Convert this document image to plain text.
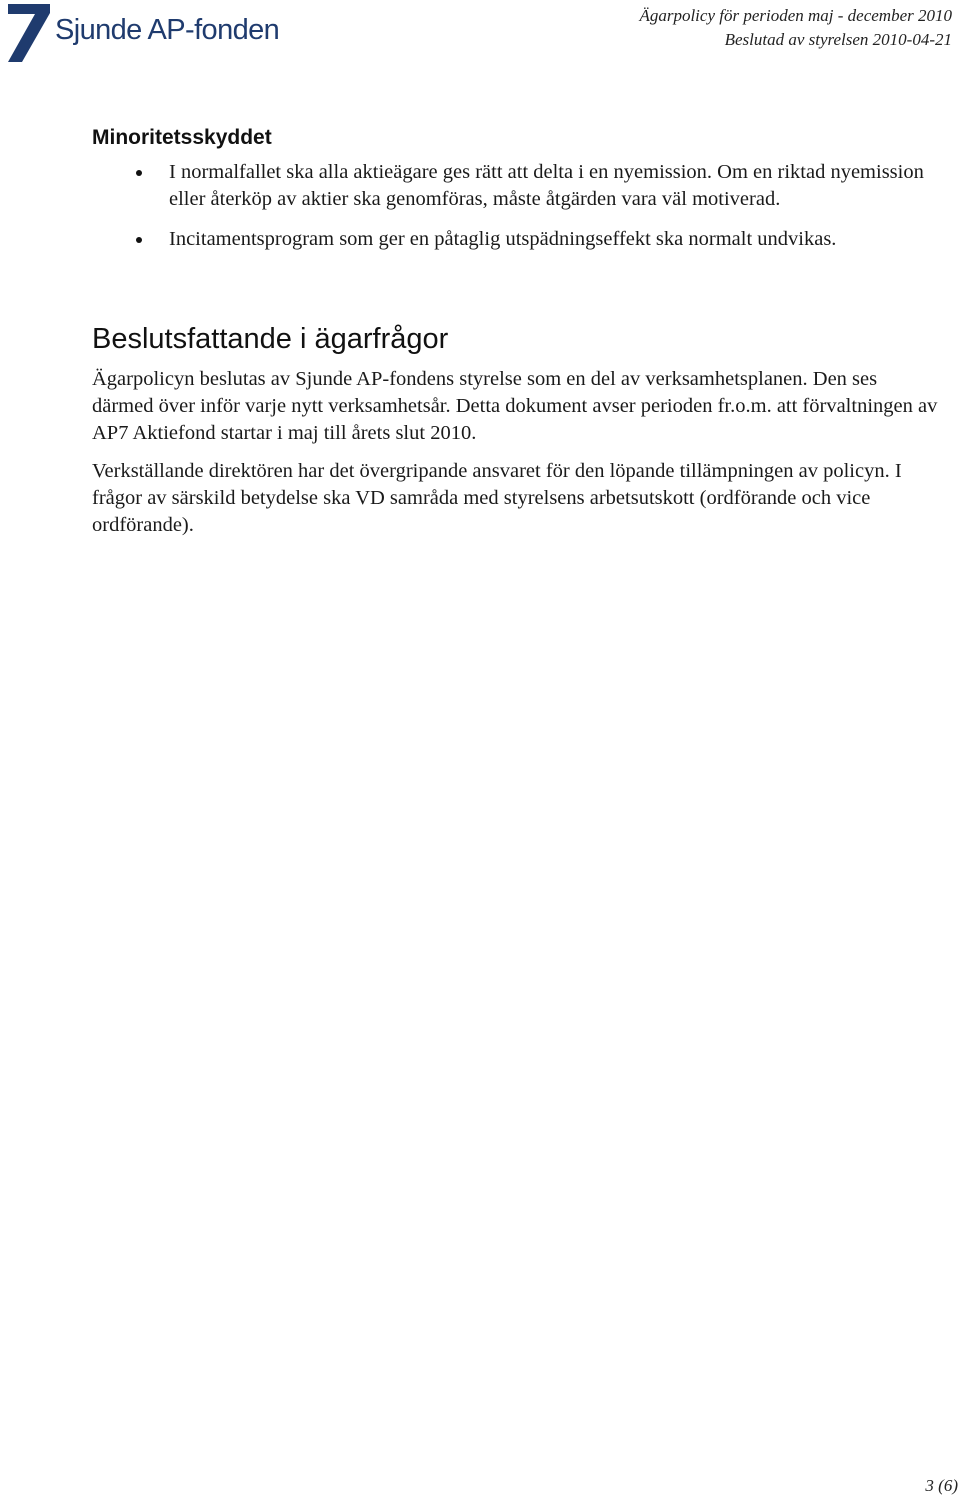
Sjunde AP-fonden	Ägarpolicy för perioden maj - december 2010
Beslutad av styrelsen 2010-04-21
Minoritetsskyddet
I normalfallet ska alla aktieägare ges rätt att delta i en nyemission. Om en riktad nyemission eller återköp av aktier ska genomföras, måste åtgärden vara väl motiverad.
Incitamentsprogram som ger en påtaglig utspädningseffekt ska normalt undvikas.
Beslutsfattande i ägarfrågor

Ägarpolicyn beslutas av Sjunde AP-fondens styrelse som en del av verksamhetsplanen. Den ses därmed över inför varje nytt verksamhetsår. Detta dokument avser perioden fr.o.m. att förvaltningen av AP7 Aktiefond startar i maj till årets slut 2010.

Verkställande direktören har det övergripande ansvaret för den löpande tillämpningen av policyn. I frågor av särskild betydelse ska VD samråda med styrelsens arbetsutskott (ordförande och vice ordförande).

3 (6)
